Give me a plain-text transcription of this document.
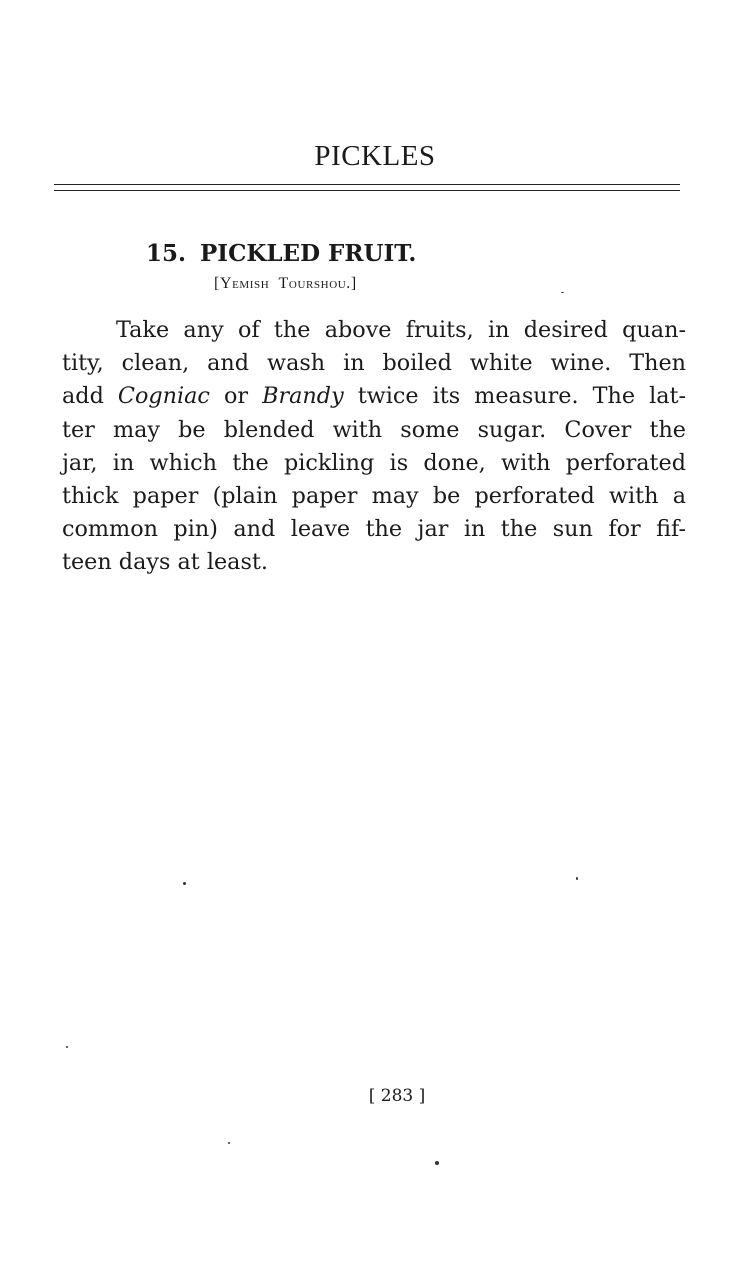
PICKLES
15. PICKLED FRUIT.
[Yemish Tourshou.]
Take any of the above fruits, in desired quan-
tity, clean, and wash in boiled white wine. Then
add Cogniac or Brandy twice its measure. The lat-
ter may be blended with some sugar. Cover the
jar, in which the pickling is done, with perforated
thick paper (plain paper may be perforated with a
common pin) and leave the jar in the sun for fif-
teen days at least.
[ 283 ]
